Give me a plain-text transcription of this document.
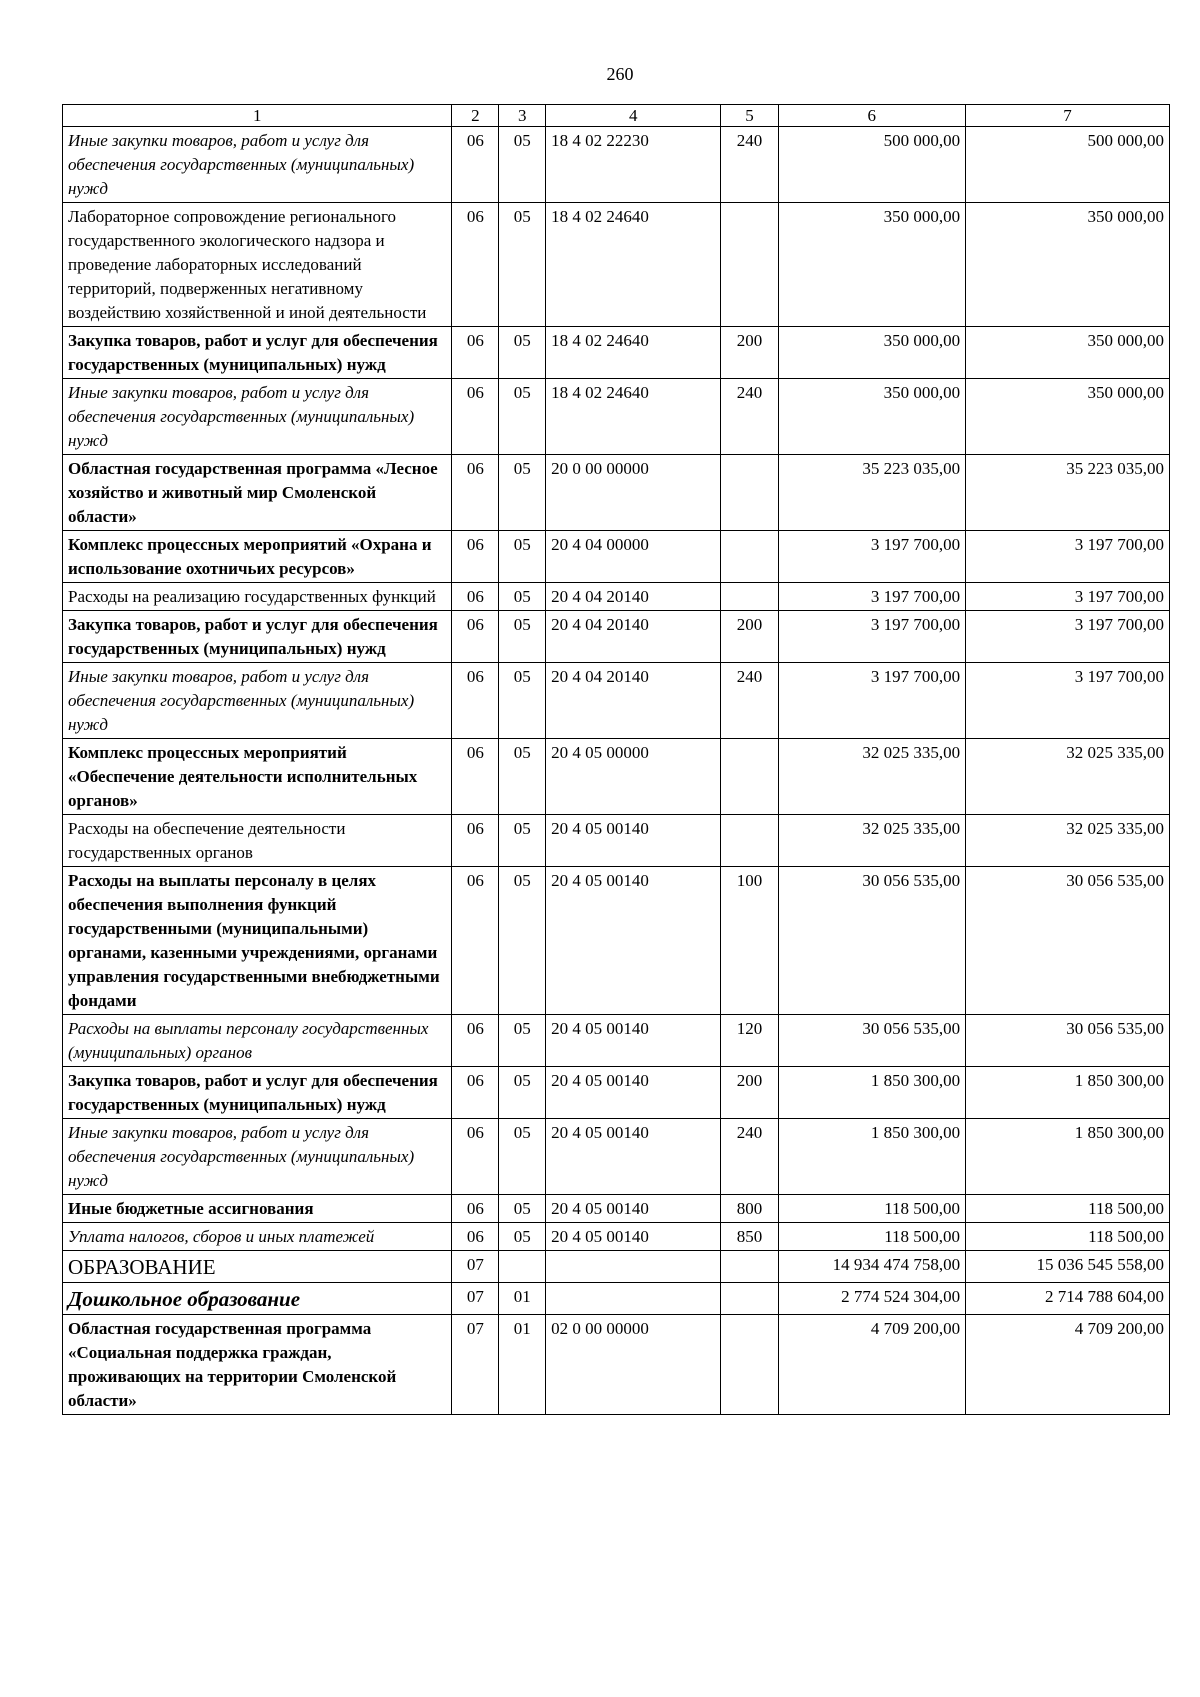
260
1	2	3	4	5	6	7
Иные закупки товаров, работ и услуг для обеспечения государственных (муниципальных) нужд	06	05	18 4 02 22230	240	500 000,00	500 000,00
Лабораторное сопровождение регионального государственного экологического надзора и проведение лабораторных исследований территорий, подверженных негативному воздействию хозяйственной и иной деятельности	06	05	18 4 02 24640		350 000,00	350 000,00
Закупка товаров, работ и услуг для обеспечения государственных (муниципальных) нужд	06	05	18 4 02 24640	200	350 000,00	350 000,00
Иные закупки товаров, работ и услуг для обеспечения государственных (муниципальных) нужд	06	05	18 4 02 24640	240	350 000,00	350 000,00
Областная государственная программа «Лесное хозяйство и животный мир Смоленской области»	06	05	20 0 00 00000		35 223 035,00	35 223 035,00
Комплекс процессных мероприятий «Охрана и использование охотничьих ресурсов»	06	05	20 4 04 00000		3 197 700,00	3 197 700,00
Расходы на реализацию государственных функций	06	05	20 4 04 20140		3 197 700,00	3 197 700,00
Закупка товаров, работ и услуг для обеспечения государственных (муниципальных) нужд	06	05	20 4 04 20140	200	3 197 700,00	3 197 700,00
Иные закупки товаров, работ и услуг для обеспечения государственных (муниципальных) нужд	06	05	20 4 04 20140	240	3 197 700,00	3 197 700,00
Комплекс процессных мероприятий «Обеспечение деятельности исполнительных органов»	06	05	20 4 05 00000		32 025 335,00	32 025 335,00
Расходы на обеспечение деятельности государственных органов	06	05	20 4 05 00140		32 025 335,00	32 025 335,00
Расходы на выплаты персоналу в целях обеспечения выполнения функций государственными (муниципальными) органами, казенными учреждениями, органами управления государственными внебюджетными фондами	06	05	20 4 05 00140	100	30 056 535,00	30 056 535,00
Расходы на выплаты персоналу государственных (муниципальных) органов	06	05	20 4 05 00140	120	30 056 535,00	30 056 535,00
Закупка товаров, работ и услуг для обеспечения государственных (муниципальных) нужд	06	05	20 4 05 00140	200	1 850 300,00	1 850 300,00
Иные закупки товаров, работ и услуг для обеспечения государственных (муниципальных) нужд	06	05	20 4 05 00140	240	1 850 300,00	1 850 300,00
Иные бюджетные ассигнования	06	05	20 4 05 00140	800	118 500,00	118 500,00
Уплата налогов, сборов и иных платежей	06	05	20 4 05 00140	850	118 500,00	118 500,00
ОБРАЗОВАНИЕ	07				14 934 474 758,00	15 036 545 558,00
Дошкольное образование	07	01			2 774 524 304,00	2 714 788 604,00
Областная государственная программа «Социальная поддержка граждан, проживающих на территории Смоленской области»	07	01	02 0 00 00000		4 709 200,00	4 709 200,00
